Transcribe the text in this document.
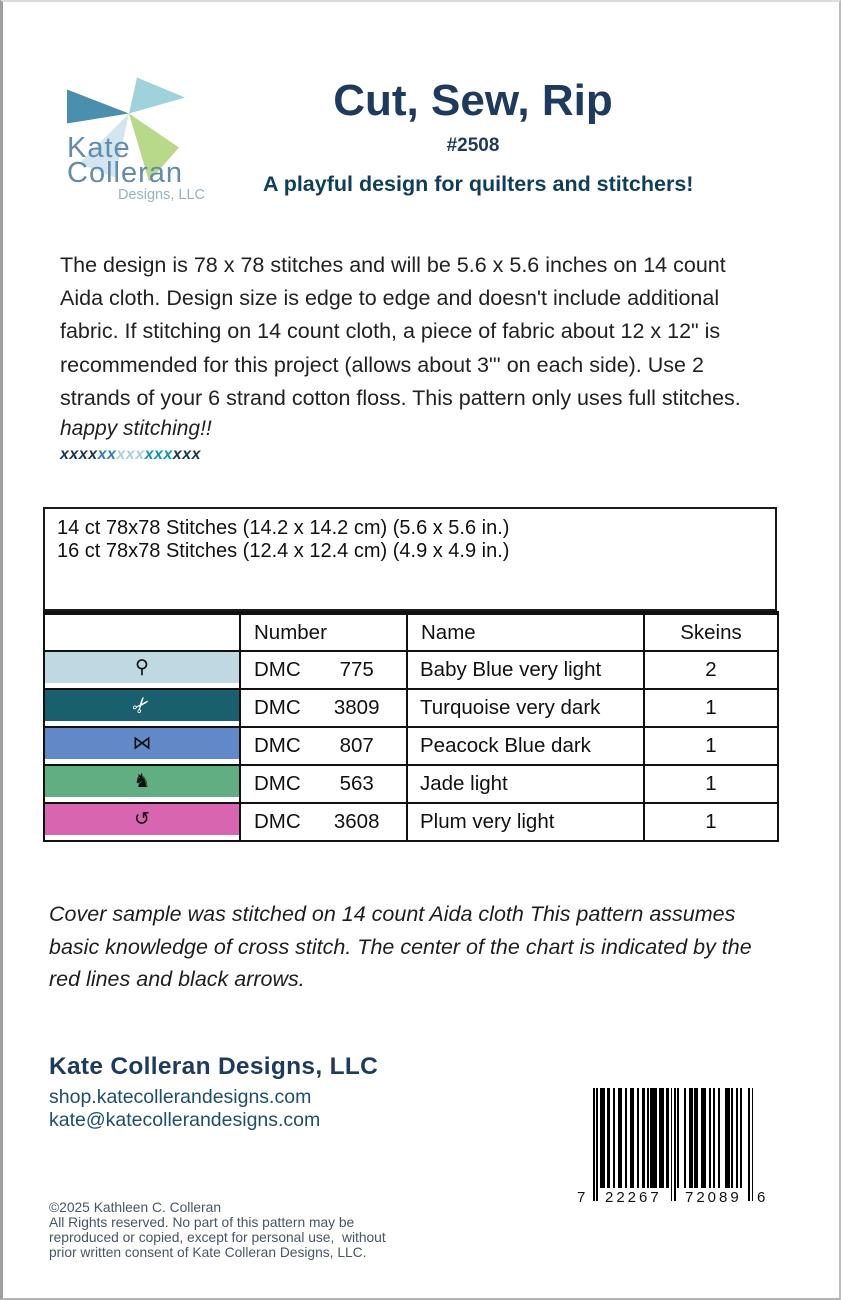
Kate
Colleran
Designs, LLC
Cut, Sew, Rip
#2508
A playful design for quilters and stitchers!
The design is 78 x 78 stitches and will be 5.6 x 5.6 inches on 14 count
Aida cloth. Design size is edge to edge and doesn't include additional
fabric. If stitching on 14 count cloth, a piece of fabric about 12 x 12" is
recommended for this project (allows about 3"' on each side). Use 2
strands of your 6 strand cotton floss. This pattern only uses full stitches.
happy stitching!!
xxxxxxxxxxxxxxx
14 ct 78x78 Stitches (14.2 x 14.2 cm) (5.6 x 5.6 in.)
16 ct 78x78 Stitches (12.4 x 12.4 cm) (4.9 x 4.9 in.)
	Number	Name	Skeins

⚲	DMC 775	Baby Blue very light	2

✂	DMC 3809	Turquoise very dark	1

⋈	DMC 807	Peacock Blue dark	1

♞	DMC 563	Jade light	1

↺	DMC 3608	Plum very light	1
Cover sample was stitched on 14 count Aida cloth This pattern assumes
basic knowledge of cross stitch. The center of the chart is indicated by the
red lines and black arrows.
Kate Colleran Designs, LLC
shop.katecollerandesigns.com
kate@katecollerandesigns.com
©2025 Kathleen C. Colleran
All Rights reserved. No part of this pattern may be
reproduced or copied, except for personal use,  without
prior written consent of Kate Colleran Designs, LLC.
7 22267 72089 6
